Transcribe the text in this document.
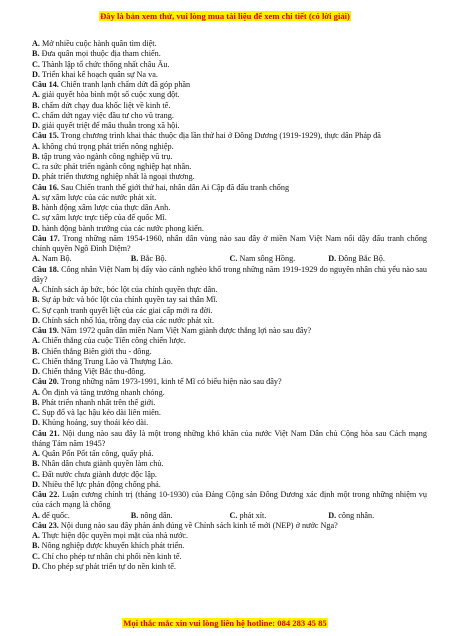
Đây là bản xem thử, vui lòng mua tài liệu để xem chi tiết (có lời giải)
A. Mở nhiều cuộc hành quân tìm diệt.
B. Đưa quân mọi thuộc địa tham chiến.
C. Thành lập tổ chức thống nhất châu Âu.
D. Triển khai kế hoạch quân sự Na va.
Câu 14. Chiến tranh lạnh chấm dứt đã góp phần
A. giải quyết hòa bình một số cuộc xung đột.
B. chấm dứt chạy đua khốc liệt về kinh tế.
C. chấm dứt ngay việc đầu tư cho vũ trang.
D. giải quyết triệt để mâu thuẫn trong xã hội.
Câu 15. Trong chương trình khai thác thuộc địa lần thứ hai ở Đông Dương (1919-1929), thực dân Pháp đã
A. không chú trọng phát triển nông nghiệp.
B. tập trung vào ngành công nghiệp vũ trụ.
C. ra sức phát triển ngành công nghiệp hạt nhân.
D. phát triển thương nghiệp nhất là ngoại thương.
Câu 16. Sau Chiến tranh thế giới thứ hai, nhân dân Ai Cập đã đấu tranh chống
A. sự xâm lược của các nước phát xít.
B. hành động xâm lược của thực dân Anh.
C. sự xâm lược trực tiếp của đế quốc Mĩ.
D. hành động bành trướng của các nước phong kiến.
Câu 17. Trong những năm 1954-1960, nhân dân vùng nào sau đây ở miền Nam Việt Nam nổi dậy đấu tranh chống chính quyền Ngô Đình Diệm?
A. Nam Bộ.	B. Bắc Bộ.	C. Nam sông Hồng.	D. Đông Bắc Bộ.
Câu 18. Công nhân Việt Nam bị đẩy vào cảnh nghèo khổ trong những năm 1919-1929 do nguyên nhân chủ yếu nào sau đây?
A. Chính sách áp bức, bóc lột của chính quyền thực dân.
B. Sự áp bức và bóc lột của chính quyền tay sai thân Mĩ.
C. Sự cạnh tranh quyết liệt của các giai cấp mới ra đời.
D. Chính sách nhổ lúa, trồng đay của các nước phát xít.
Câu 19. Năm 1972 quân dân miền Nam Việt Nam giành được thắng lợi nào sau đây?
A. Chiến thắng của cuộc Tiến công chiến lược.
B. Chiến thắng Biên giới thu - đông.
C. Chiến thắng Trung Lào và Thượng Lào.
D. Chiến thắng Việt Bắc thu-đông.
Câu 20. Trong những năm 1973-1991, kinh tế Mĩ có biểu hiện nào sau đây?
A. Ổn định và tăng trưởng nhanh chóng.
B. Phát triển nhanh nhất trên thế giới.
C. Sụp đổ và lạc hậu kéo dài liên miên.
D. Khủng hoảng, suy thoái kéo dài.
Câu 21. Nội dung nào sau đây là một trong những khó khăn của nước Việt Nam Dân chủ Cộng hòa sau Cách mạng tháng Tám năm 1945?
A. Quân Pốn Pốt tấn công, quấy phá.
B. Nhân dân chưa giành quyền làm chủ.
C. Đất nước chưa giành được độc lập.
D. Nhiều thế lực phản động chống phá.
Câu 22. Luận cương chính trị (tháng 10-1930) của Đảng Cộng sản Đông Dương xác định một trong những nhiệm vụ của cách mạng là chống
A. đế quốc.	B. nông dân.	C. phát xít.	D. công nhân.
Câu 23. Nội dung nào sau đây phản ánh đúng về Chính sách kinh tế mới (NEP) ở nước Nga?
A. Thực hiện độc quyền mọi mặt của nhà nước.
B. Nông nghiệp được khuyến khích phát triển.
C. Chỉ cho phép tư nhân chi phối nền kinh tế.
D. Cho phép sự phát triển tự do nền kinh tế.
Mọi thắc mắc xin vui lòng liên hệ hotline: 084 283 45 85
